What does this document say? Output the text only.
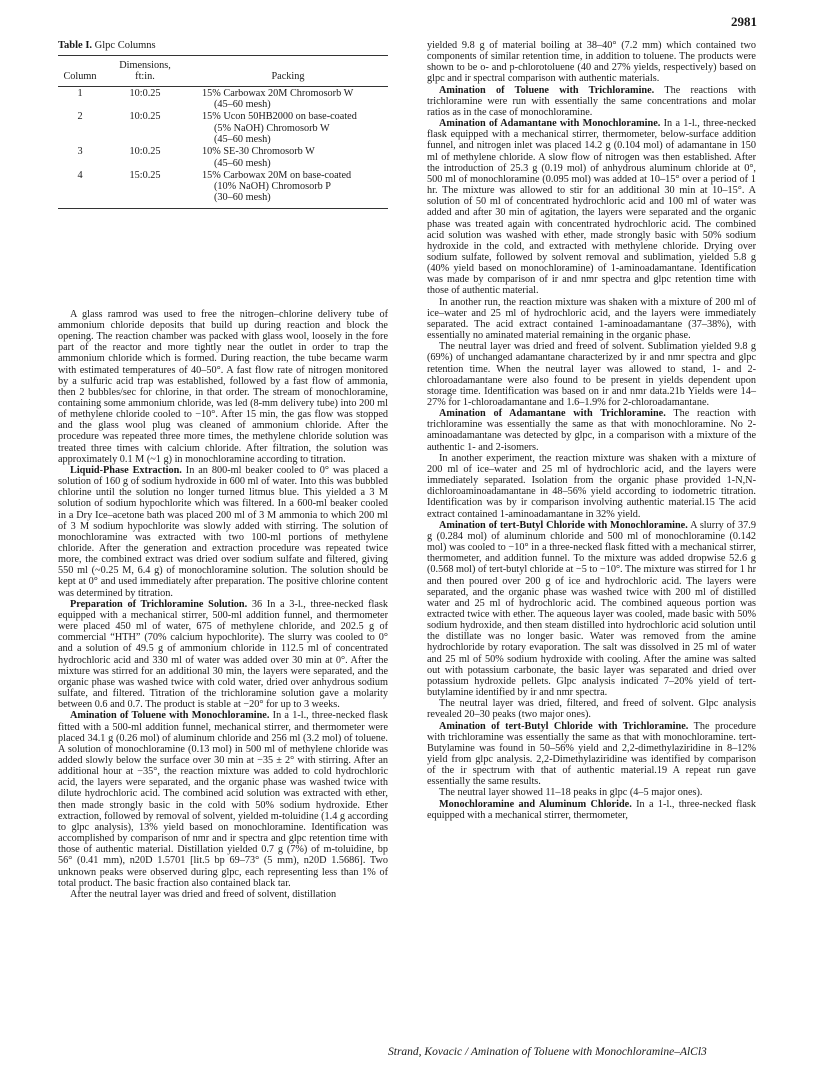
2981
Table I. Glpc Columns
	Dimensions,	
Column	ft:in.	Packing
1	10:0.25	15% Carbowax 20M Chromosorb W
(45–60 mesh)

2	10:0.25	15% Ucon 50HB2000 on base-coated
(5% NaOH) Chromosorb W
(45–60 mesh)

3	10:0.25	10% SE-30 Chromosorb W
(45–60 mesh)

4	15:0.25	15% Carbowax 20M on base-coated
(10% NaOH) Chromosorb P
(30–60 mesh)

A glass ramrod was used to free the nitrogen–chlorine delivery tube of ammonium chloride deposits that build up during reaction and block the opening. The reaction chamber was packed with glass wool, loosely in the fore part of the reactor and more tightly near the outlet in order to trap the ammonium chloride which is formed. During reaction, the tube became warm with estimated temperatures of 40–50°. A fast flow rate of nitrogen monitored by a sulfuric acid trap was established, followed by a fast flow of ammonia, then 2 bubbles/sec for chlorine, in that order. The stream of monochloramine, containing some ammonium chloride, was led (8-mm delivery tube) into 200 ml of methylene chloride cooled to −10°. After 15 min, the gas flow was stopped and the glass wool plug was cleaned of ammonium chloride. After the procedure was repeated three more times, the methylene chloride solution was treated three times with calcium chloride. After filtration, the solution was approximately 0.1 M (~1 g) in monochloramine according to titration.

Liquid-Phase Extraction. In an 800-ml beaker cooled to 0° was placed a solution of 160 g of sodium hydroxide in 600 ml of water. Into this was bubbled chlorine until the solution no longer turned litmus blue. This yielded a 3 M solution of sodium hypochlorite which was filtered. In a 600-ml beaker cooled in a Dry Ice–acetone bath was placed 200 ml of 3 M ammonia to which 200 ml of 3 M sodium hypochlorite was slowly added with stirring. The solution of monochloramine was extracted with two 100-ml portions of methylene chloride. After the generation and extraction procedure was repeated twice more, the combined extract was dried over sodium sulfate and filtered, giving 550 ml (~0.25 M, 6.4 g) of monochloramine solution. The solution should be kept at 0° and used immediately after preparation. The positive chlorine content was determined by titration.

Preparation of Trichloramine Solution. 36 In a 3-l., three-necked flask equipped with a mechanical stirrer, 500-ml addition funnel, and thermometer were placed 450 ml of water, 675 of methylene chloride, and 202.5 g of commercial “HTH” (70% calcium hypochlorite). The slurry was cooled to 0° and a solution of 49.5 g of ammonium chloride in 112.5 ml of concentrated hydrochloric acid and 330 ml of water was added over 30 min at 0°. After the mixture was stirred for an additional 30 min, the layers were separated, and the organic phase was washed twice with cold water, dried over anhydrous sodium sulfate, and filtered. Titration of the trichloramine solution gave a molarity between 0.6 and 0.7. The product is stable at −20° for up to 3 weeks.

Amination of Toluene with Monochloramine. In a 1-l., three-necked flask fitted with a 500-ml addition funnel, mechanical stirrer, and thermometer were placed 34.1 g (0.26 mol) of aluminum chloride and 256 ml (3.2 mol) of toluene. A solution of monochloramine (0.13 mol) in 500 ml of methylene chloride was added slowly below the surface over 30 min at −35 ± 2° with stirring. After an additional hour at −35°, the reaction mixture was added to cold hydrochloric acid, the layers were separated, and the organic phase was washed twice with dilute hydrochloric acid. The combined acid solution was extracted with ether, then made strongly basic in the cold with 50% sodium hydroxide. Ether extraction, followed by removal of solvent, yielded m-toluidine (1.4 g according to glpc analysis), 13% yield based on monochloramine. Identification was accomplished by comparison of nmr and ir spectra and glpc retention time with those of authentic material. Distillation yielded 0.7 g (7%) of m-toluidine, bp 56° (0.41 mm), n20D 1.5701 [lit.5 bp 69–73° (5 mm), n20D 1.5686]. Two unknown peaks were observed during glpc, each representing less than 1% of total product. The basic fraction also contained black tar.

After the neutral layer was dried and freed of solvent, distillation

yielded 9.8 g of material boiling at 38–40° (7.2 mm) which contained two components of similar retention time, in addition to toluene. The products were shown to be o- and p-chlorotoluene (40 and 27% yields, respectively) based on glpc and ir spectral comparison with authentic materials.

Amination of Toluene with Trichloramine. The reactions with trichloramine were run with essentially the same concentrations and molar ratios as in the case of monochloramine.

Amination of Adamantane with Monochloramine. In a 1-l., three-necked flask equipped with a mechanical stirrer, thermometer, below-surface addition funnel, and nitrogen inlet was placed 14.2 g (0.104 mol) of adamantane in 150 ml of methylene chloride. A slow flow of nitrogen was then established. After the introduction of 25.3 g (0.19 mol) of anhydrous aluminum chloride at 0°, 500 ml of monochloramine (0.095 mol) was added at 10–15° over a period of 1 hr. The mixture was allowed to stir for an additional 30 min at 10–15°. A solution of 50 ml of concentrated hydrochloric acid and 100 ml of water was added and after 30 min of agitation, the layers were separated and the organic phase was treated again with concentrated hydrochloric acid. The combined acid solution was washed with ether, made strongly basic with 50% sodium hydroxide in the cold, and extracted with methylene chloride. Drying over sodium sulfate, followed by solvent removal and sublimation, yielded 5.8 g (40% yield based on monochloramine) of 1-aminoadamantane. Identification was made by comparison of ir and nmr spectra and glpc retention time with those of authentic material.

In another run, the reaction mixture was shaken with a mixture of 200 ml of ice–water and 25 ml of hydrochloric acid, and the layers were immediately separated. The acid extract contained 1-aminoadamantane (37–38%), with essentially no aminated material remaining in the organic phase.

The neutral layer was dried and freed of solvent. Sublimation yielded 9.8 g (69%) of unchanged adamantane characterized by ir and nmr spectra and glpc retention time. When the neutral layer was allowed to stand, 1- and 2-chloroadamantane were also found to be present in yields dependent upon storage time. Identification was based on ir and nmr data.21b Yields were 14–27% for 1-chloroadamantane and 1.6–1.9% for 2-chloroadamantane.

Amination of Adamantane with Trichloramine. The reaction with trichloramine was essentially the same as that with monochloramine. No 2-aminoadamantane was detected by glpc, in a comparison with a mixture of the authentic 1- and 2-isomers.

In another experiment, the reaction mixture was shaken with a mixture of 200 ml of ice–water and 25 ml of hydrochloric acid, and the layers were immediately separated. Isolation from the organic phase provided 1-N,N-dichloroaminoadamantane in 48–56% yield according to iodometric titration. Identification was by ir comparison involving authentic material.15 The acid extract contained 1-aminoadamantane in 32% yield.

Amination of tert-Butyl Chloride with Monochloramine. A slurry of 37.9 g (0.284 mol) of aluminum chloride and 500 ml of monochloramine (0.142 mol) was cooled to −10° in a three-necked flask fitted with a mechanical stirrer, thermometer, and addition funnel. To the mixture was added dropwise 52.6 g (0.568 mol) of tert-butyl chloride at −5 to −10°. The mixture was stirred for 1 hr and then poured over 200 g of ice and hydrochloric acid. The layers were separated, and the organic phase was washed twice with 200 ml of distilled water and 25 ml of hydrochloric acid. The combined aqueous portion was extracted twice with ether. The aqueous layer was cooled, made basic with 50% sodium hydroxide, and then steam distilled into hydrochloric acid solution until the distillate was no longer basic. Water was removed from the amine hydrochloride by rotary evaporation. The salt was dissolved in 25 ml of water and 25 ml of 50% sodium hydroxide with cooling. After the amine was salted out with potassium carbonate, the basic layer was separated and dried over potassium hydroxide pellets. Glpc analysis indicated 7–20% yield of tert-butylamine identified by ir and nmr spectra.

The neutral layer was dried, filtered, and freed of solvent. Glpc analysis revealed 20–30 peaks (two major ones).

Amination of tert-Butyl Chloride with Trichloramine. The procedure with trichloramine was essentially the same as that with monochloramine. tert-Butylamine was found in 50–56% yield and 2,2-dimethylaziridine in 8–12% yield from glpc analysis. 2,2-Dimethylaziridine was identified by comparison of the ir spectrum with that of authentic material.19 A repeat run gave essentially the same results.

The neutral layer showed 11–18 peaks in glpc (4–5 major ones).

Monochloramine and Aluminum Chloride. In a 1-l., three-necked flask equipped with a mechanical stirrer, thermometer,

Strand, Kovacic / Amination of Toluene with Monochloramine–AlCl3
